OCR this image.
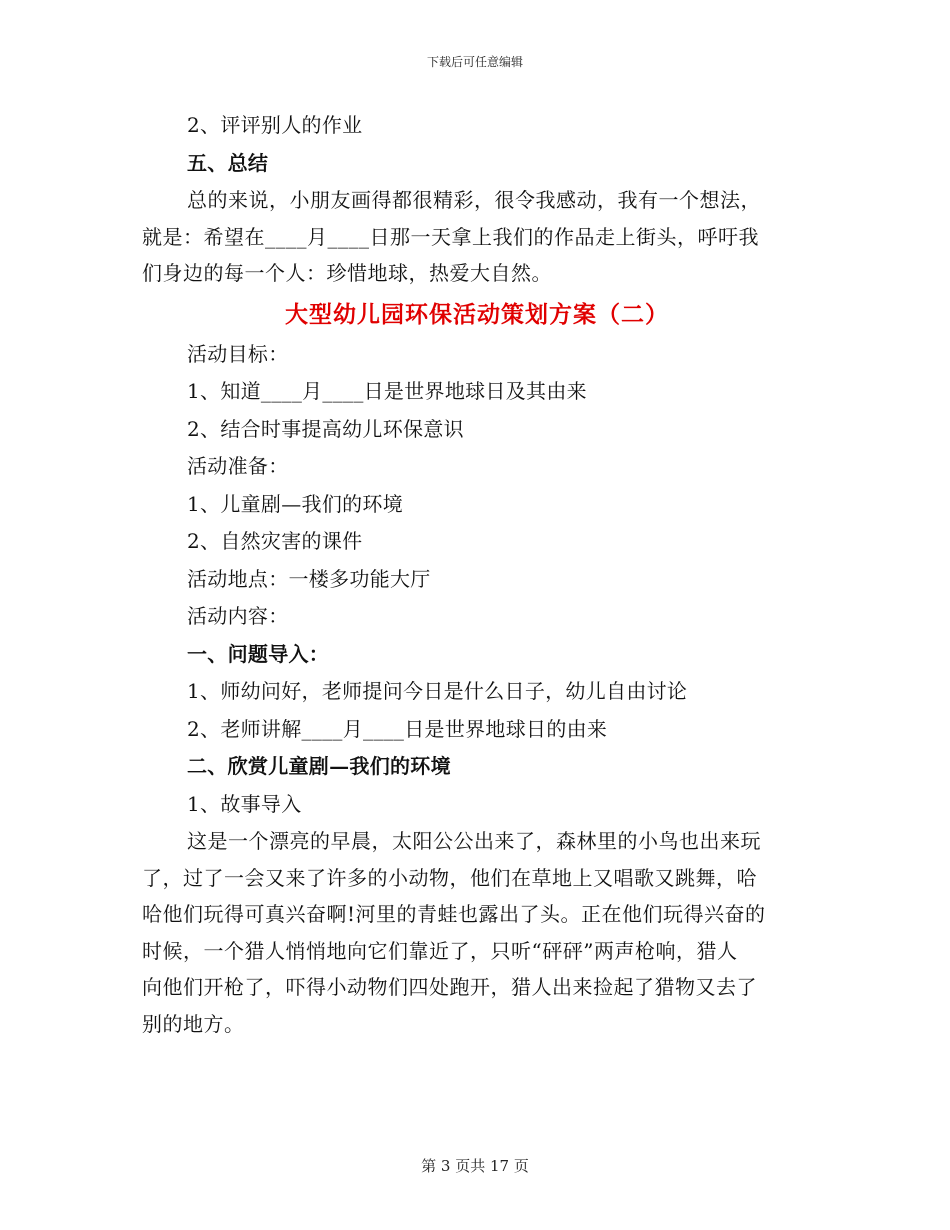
下载后可任意编辑
2、评评别人的作业
五、总结
总的来说，小朋友画得都很精彩，很令我感动，我有一个想法，
就是：希望在____月____日那一天拿上我们的作品走上街头，呼吁我
们身边的每一个人：珍惜地球，热爱大自然。
大型幼儿园环保活动策划方案（二）
活动目标：
1、知道____月____日是世界地球日及其由来
2、结合时事提高幼儿环保意识
活动准备：
1、儿童剧—我们的环境
2、自然灾害的课件
活动地点：一楼多功能大厅
活动内容：
一、问题导入：
1、师幼问好，老师提问今日是什么日子，幼儿自由讨论
2、老师讲解____月____日是世界地球日的由来
二、欣赏儿童剧—我们的环境
1、故事导入
这是一个漂亮的早晨，太阳公公出来了，森林里的小鸟也出来玩
了，过了一会又来了许多的小动物，他们在草地上又唱歌又跳舞，哈
哈他们玩得可真兴奋啊!河里的青蛙也露出了头。正在他们玩得兴奋的
时候，一个猎人悄悄地向它们靠近了，只听“砰砰”两声枪响，猎人
向他们开枪了，吓得小动物们四处跑开，猎人出来捡起了猎物又去了
别的地方。
第 3 页共 17 页
